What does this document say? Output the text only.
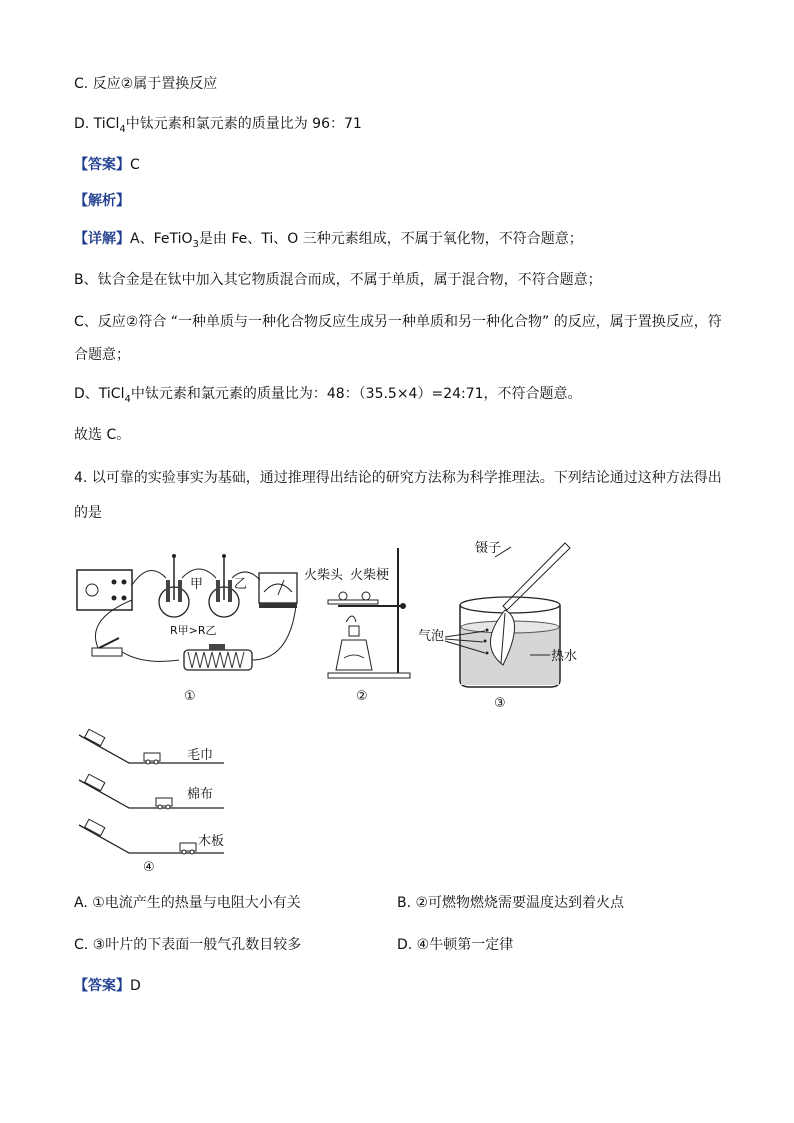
C. 反应②属于置换反应
D. TiCl$_4$中钛元素和氯元素的质量比为 96：71
【答案】C
【解析】
【详解】A、FeTiO$_3$是由 Fe、Ti、O 三种元素组成，不属于氧化物，不符合题意；
B、钛合金是在钛中加入其它物质混合而成，不属于单质，属于混合物，不符合题意；
C、反应②符合 “一种单质与一种化合物反应生成另一种单质和另一种化合物” 的反应，属于置换反应，符
合题意；
D、TiCl$_4$中钛元素和氯元素的质量比为：48：（35.5×4）=24:71，不符合题意。
故选 C。
4. 以可靠的实验事实为基础，通过推理得出结论的研究方法称为科学推理法。下列结论通过这种方法得出
的是
甲 乙
R甲>R乙
①
火柴头 火柴梗
②
镊子
气泡
热水
③
毛巾
棉布
木板
④
A. ①电流产生的热量与电阻大小有关	B. ②可燃物燃烧需要温度达到着火点
C. ③叶片的下表面一般气孔数目较多	D. ④牛顿第一定律
【答案】D
